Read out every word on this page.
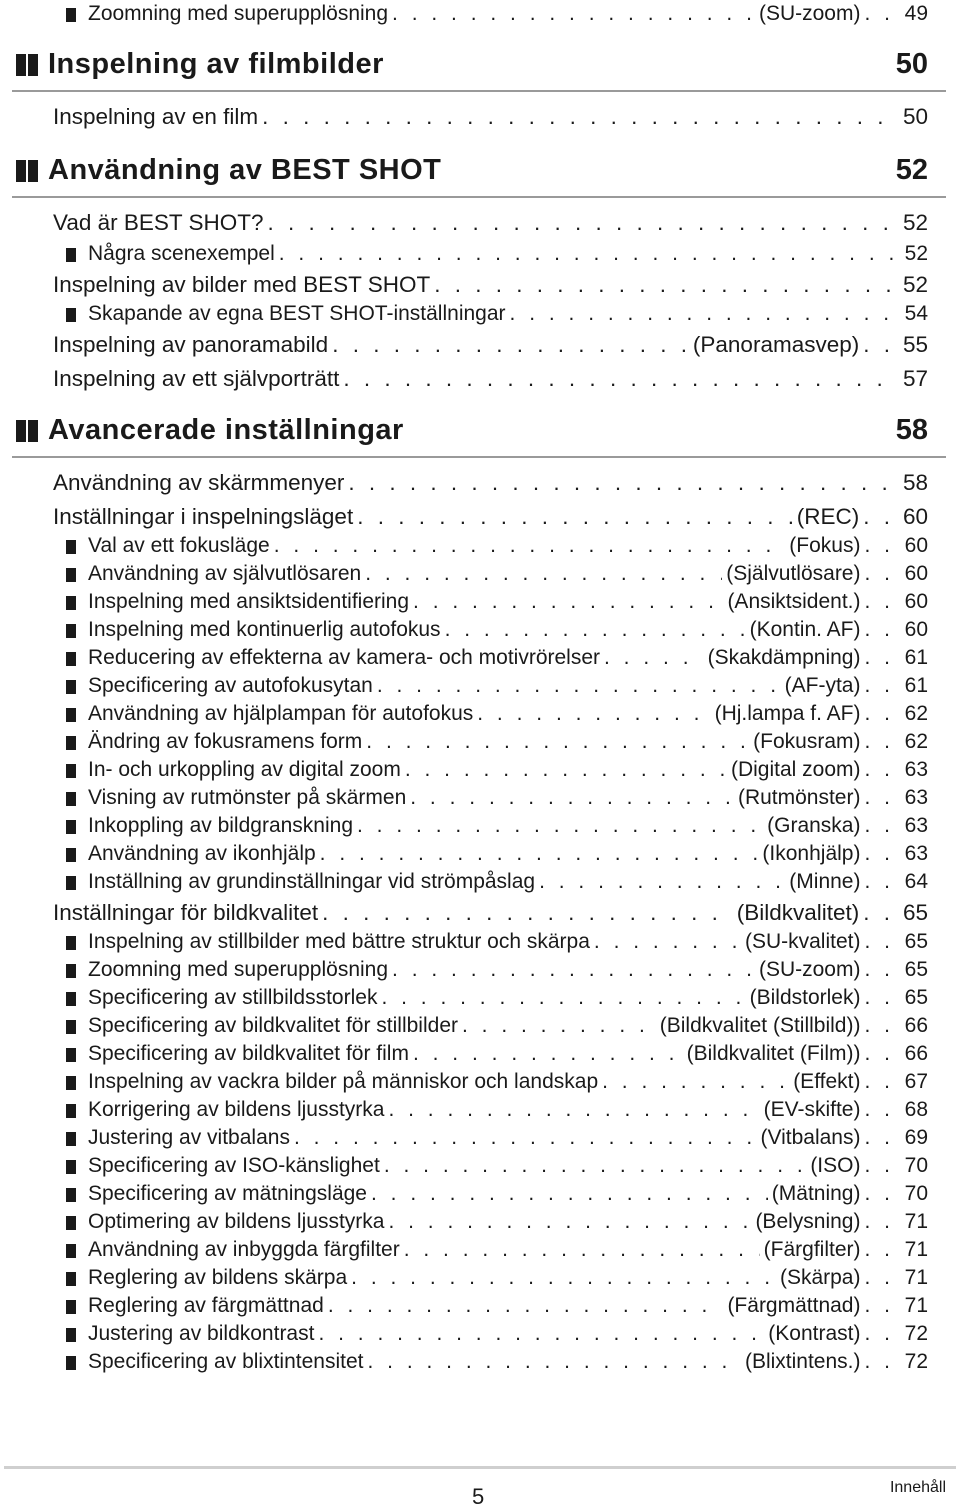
Zoomning med superupplösning . . .	(SU-zoom) . .	49
Inspelning av filmbilder	50
Inspelning av en film . . .	50
Användning av BEST SHOT	52
Vad är BEST SHOT? . . .	52
Några scenexempel . . .	52
Inspelning av bilder med BEST SHOT . . .	52
Skapande av egna BEST SHOT-inställningar . . .	54
Inspelning av panoramabild . . .	(Panoramasvep) . . 55
Inspelning av ett självporträtt . . .	57
Avancerade inställningar	58
Användning av skärmmenyer . . .	58
Inställningar i inspelningsläget . . .	(REC) . . 60
Val av ett fokusläge . . .	(Fokus) . .	60
Användning av självutlösaren . . .	(Självutlösare) . .	60
Inspelning med ansiktsidentifiering . . .	(Ansiktsident.) . .	60
Inspelning med kontinuerlig autofokus . . .	(Kontin. AF) . .	60
Reducering av effekterna av kamera- och motivrörelser . . .	(Skakdämpning) . .	61
Specificering av autofokusytan . . .	(AF-yta) . .	61
Användning av hjälplampan för autofokus . . .	(Hj.lampa f. AF) . .	62
Ändring av fokusramens form . . .	(Fokusram) . .	62
In- och urkoppling av digital zoom . . .	(Digital zoom) . .	63
Visning av rutmönster på skärmen . . .	(Rutmönster) . .	63
Inkoppling av bildgranskning . . .	(Granska) . .	63
Användning av ikonhjälp . . .	(Ikonhjälp) . .	63
Inställning av grundinställningar vid strömpåslag . . .	(Minne) . .	64
Inställningar för bildkvalitet . . .	(Bildkvalitet) . . 65
Inspelning av stillbilder med bättre struktur och skärpa . . .	(SU-kvalitet) . .	65
Zoomning med superupplösning . . .	(SU-zoom) . .	65
Specificering av stillbildsstorlek . . .	(Bildstorlek) . .	65
Specificering av bildkvalitet för stillbilder . . .	(Bildkvalitet (Stillbild)) . .	66
Specificering av bildkvalitet för film . . .	(Bildkvalitet (Film)) . .	66
Inspelning av vackra bilder på människor och landskap . . .	(Effekt) . .	67
Korrigering av bildens ljusstyrka . . .	(EV-skifte) . .	68
Justering av vitbalans . . .	(Vitbalans) . .	69
Specificering av ISO-känslighet . . .	(ISO) . .	70
Specificering av mätningsläge . . .	(Mätning) . .	70
Optimering av bildens ljusstyrka . . .	(Belysning) . .	71
Användning av inbyggda färgfilter . . .	(Färgfilter) . .	71
Reglering av bildens skärpa . . .	(Skärpa) . .	71
Reglering av färgmättnad . . .	(Färgmättnad) . .	71
Justering av bildkontrast . . .	(Kontrast) . .	72
Specificering av blixtintensitet . . .	(Blixtintens.) . .	72
5	Innehåll
